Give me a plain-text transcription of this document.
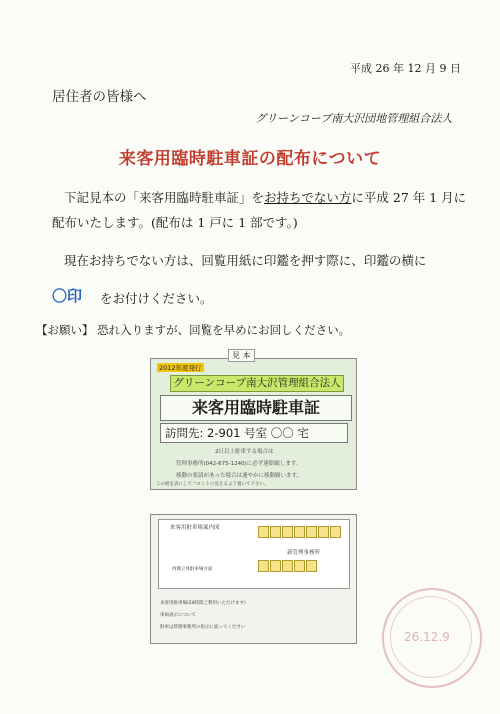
平成 26 年 12 月 9 日
居住者の皆様へ
グリーンコープ南大沢団地管理組合法人
来客用臨時駐車証の配布について
下記見本の「来客用臨時駐車証」をお持ちでない方に平成 27 年 1 月に
配布いたします。(配布は 1 戸に 1 部です。)
現在お持ちでない方は、回覧用紙に印鑑を押す際に、印鑑の横に
〇印 をお付けください。
【お願い】 恐れ入りますが、回覧を早めにお回しください。
見 本
2012年度発行
グリーンコープ南大沢管理組合法人
来客用臨時駐車証
訪問先: 2-901 号室 〇〇 宅
2日以上駐車する場合は
管理事務所(042-675-1240)に必ず連絡願します。
移動の要請があった場合は速やかに移動願います。
この紙を表にしてフロントに見えるよう置いて下さい。
来客用駐車場案内図
新管理事務所
西側立体駐車場方面
来客用駐車場(24時間ご利用いただけます)
車両表示について
駐車は管理事務所の指示に従ってください
26.12.9
